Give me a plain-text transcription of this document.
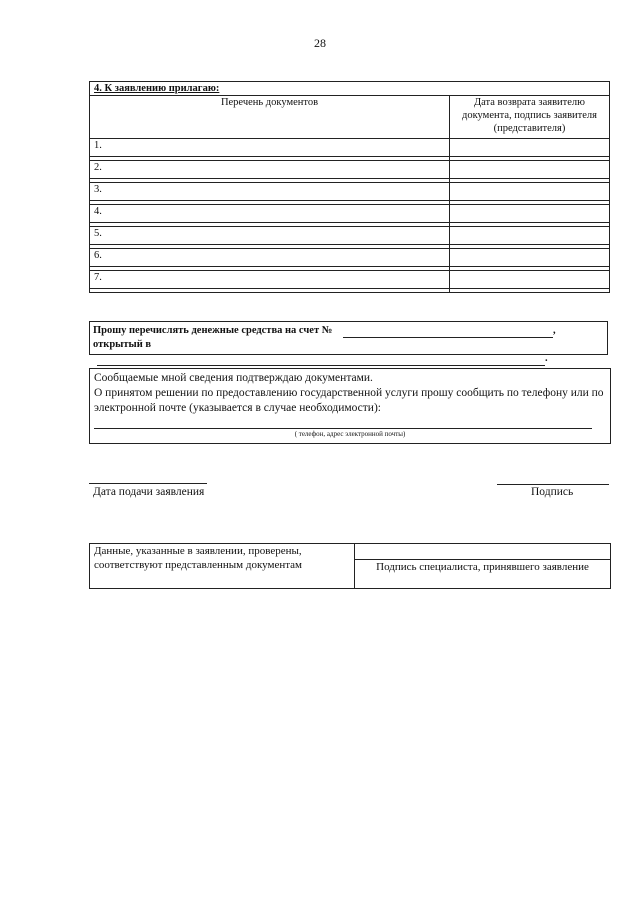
28
4. К заявлению прилагаю:	
Перечень документов	Дата возврата заявителю документа, подпись заявителя (представителя)
1.

2.

3.

4.

5.

6.

7.

Прошу перечислять денежные средства на счет №	,
открытый в .
Сообщаемые мной сведения подтверждаю документами.
О принятом решении по предоставлению государственной услуги прошу сообщить по телефону или по электронной почте (указывается в случае необходимости):
( телефон, адрес электронной почты)
Дата подачи заявления	Подпись
Данные, указанные в заявлении, проверены, соответствуют представленным документам	
Подпись специалиста, принявшего заявление
